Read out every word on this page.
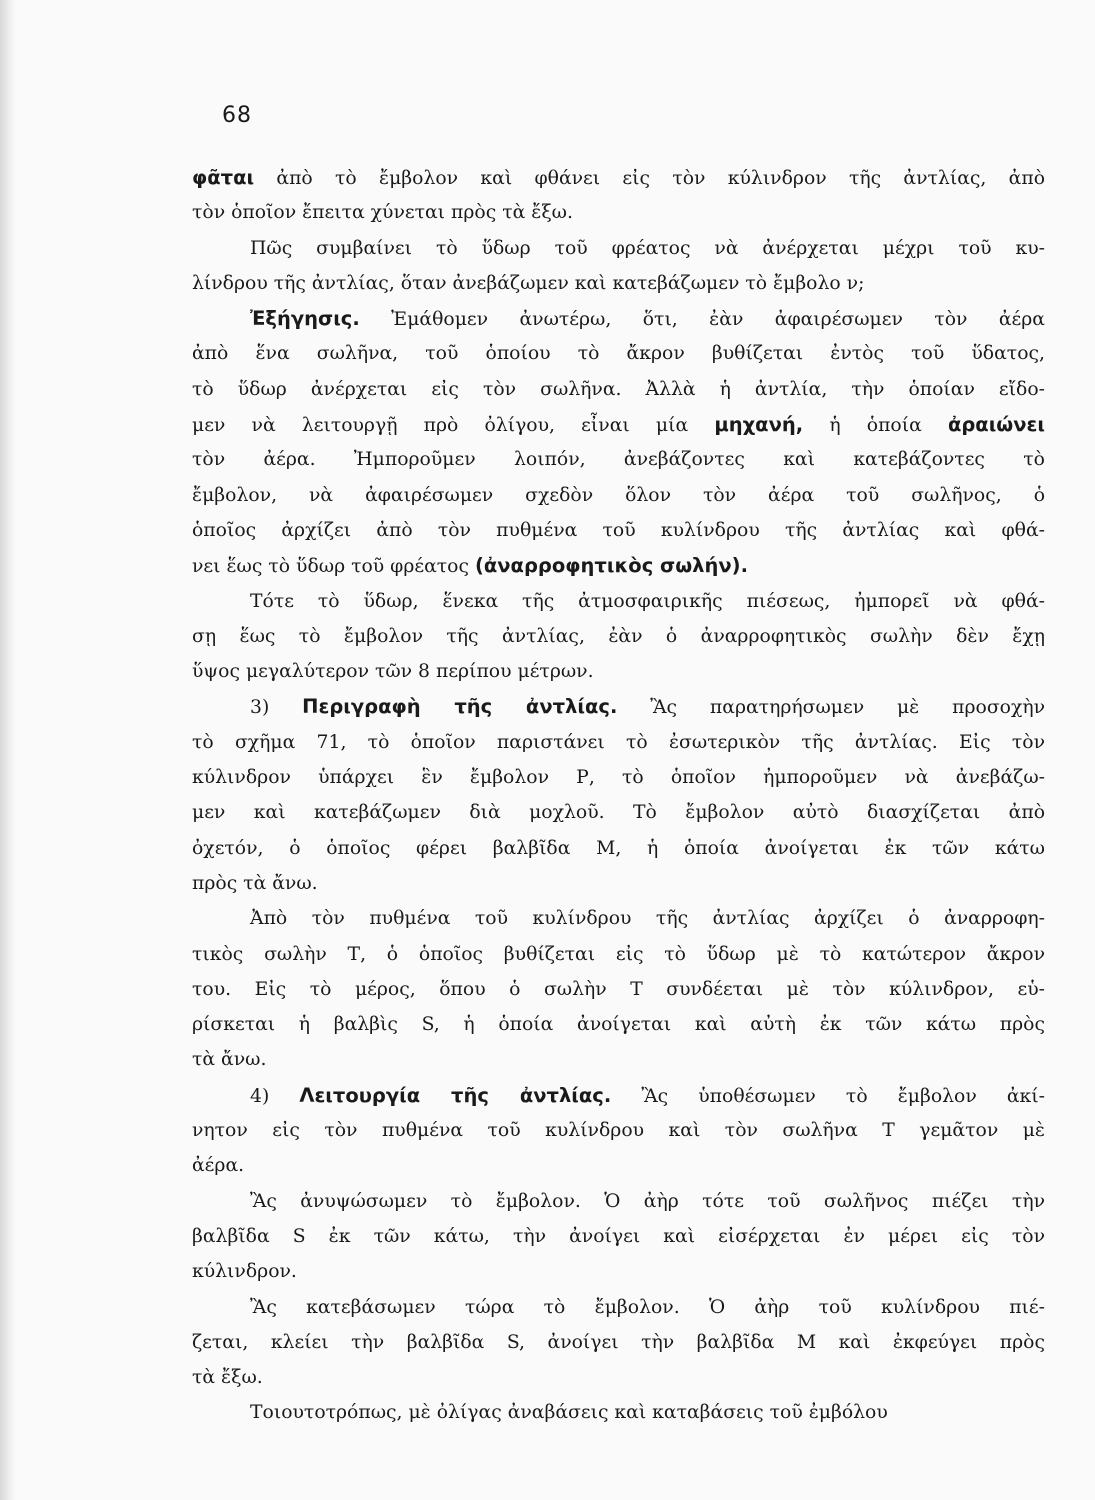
68
φᾶται ἀπὸ τὸ ἔμβολον καὶ φθάνει εἰς τὸν κύλινδρον τῆς ἀντλίας, ἀπὸ
τὸν ὁποῖον ἔπειτα χύνεται πρὸς τὰ ἔξω.
Πῶς συμβαίνει τὸ ὕδωρ τοῦ φρέατος νὰ ἀνέρχεται μέχρι τοῦ κυ-
λίνδρου τῆς ἀντλίας, ὅταν ἀνεβάζωμεν καὶ κατεβάζωμεν τὸ ἔμβολο ν;
Ἐξήγησις. Ἐμάθομεν ἀνωτέρω, ὅτι, ἐὰν ἀφαιρέσωμεν τὸν ἀέρα
ἀπὸ ἕνα σωλῆνα, τοῦ ὁποίου τὸ ἄκρον βυθίζεται ἐντὸς τοῦ ὕδατος,
τὸ ὕδωρ ἀνέρχεται εἰς τὸν σωλῆνα. Ἀλλὰ ἡ ἀντλία, τὴν ὁποίαν εἴδο-
μεν νὰ λειτουργῇ πρὸ ὀλίγου, εἶναι μία μηχανή, ἡ ὁποία ἀραιώνει
τὸν ἀέρα. Ἠμποροῦμεν λοιπόν, ἀνεβάζοντες καὶ κατεβάζοντες τὸ
ἔμβολον, νὰ ἀφαιρέσωμεν σχεδὸν ὅλον τὸν ἀέρα τοῦ σωλῆνος, ὁ
ὁποῖος ἀρχίζει ἀπὸ τὸν πυθμένα τοῦ κυλίνδρου τῆς ἀντλίας καὶ φθά-
νει ἕως τὸ ὕδωρ τοῦ φρέατος (ἀναρροφητικὸς σωλήν).
Τότε τὸ ὕδωρ, ἕνεκα τῆς ἀτμοσφαιρικῆς πιέσεως, ἠμπορεῖ νὰ φθά-
σῃ ἕως τὸ ἔμβολον τῆς ἀντλίας, ἐὰν ὁ ἀναρροφητικὸς σωλὴν δὲν ἔχῃ
ὕψος μεγαλύτερον τῶν 8 περίπου μέτρων.
3) Περιγραφὴ τῆς ἀντλίας. Ἂς παρατηρήσωμεν μὲ προσοχὴν
τὸ σχῆμα 71, τὸ ὁποῖον παριστάνει τὸ ἐσωτερικὸν τῆς ἀντλίας. Εἰς τὸν
κύλινδρον ὑπάρχει ἓν ἔμβολον Ρ, τὸ ὁποῖον ἠμποροῦμεν νὰ ἀνεβάζω-
μεν καὶ κατεβάζωμεν διὰ μοχλοῦ. Τὸ ἔμβολον αὐτὸ διασχίζεται ἀπὸ
ὀχετόν, ὁ ὁποῖος φέρει βαλβῖδα Μ, ἡ ὁποία ἀνοίγεται ἐκ τῶν κάτω
πρὸς τὰ ἄνω.
Ἀπὸ τὸν πυθμένα τοῦ κυλίνδρου τῆς ἀντλίας ἀρχίζει ὁ ἀναρροφη-
τικὸς σωλὴν Τ, ὁ ὁποῖος βυθίζεται εἰς τὸ ὕδωρ μὲ τὸ κατώτερον ἄκρον
του. Εἰς τὸ μέρος, ὅπου ὁ σωλὴν Τ συνδέεται μὲ τὸν κύλινδρον, εὑ-
ρίσκεται ἡ βαλβὶς S, ἡ ὁποία ἀνοίγεται καὶ αὐτὴ ἐκ τῶν κάτω πρὸς
τὰ ἄνω.
4) Λειτουργία τῆς ἀντλίας. Ἂς ὑποθέσωμεν τὸ ἔμβολον ἀκί-
νητον εἰς τὸν πυθμένα τοῦ κυλίνδρου καὶ τὸν σωλῆνα Τ γεμᾶτον μὲ
ἀέρα.
Ἂς ἀνυψώσωμεν τὸ ἔμβολον. Ὁ ἀὴρ τότε τοῦ σωλῆνος πιέζει τὴν
βαλβῖδα S ἐκ τῶν κάτω, τὴν ἀνοίγει καὶ εἰσέρχεται ἐν μέρει εἰς τὸν
κύλινδρον.
Ἂς κατεβάσωμεν τώρα τὸ ἔμβολον. Ὁ ἀὴρ τοῦ κυλίνδρου πιέ-
ζεται, κλείει τὴν βαλβῖδα S, ἀνοίγει τὴν βαλβῖδα Μ καὶ ἐκφεύγει πρὸς
τὰ ἔξω.
Τοιουτοτρόπως, μὲ ὀλίγας ἀναβάσεις καὶ καταβάσεις τοῦ ἐμβόλου
